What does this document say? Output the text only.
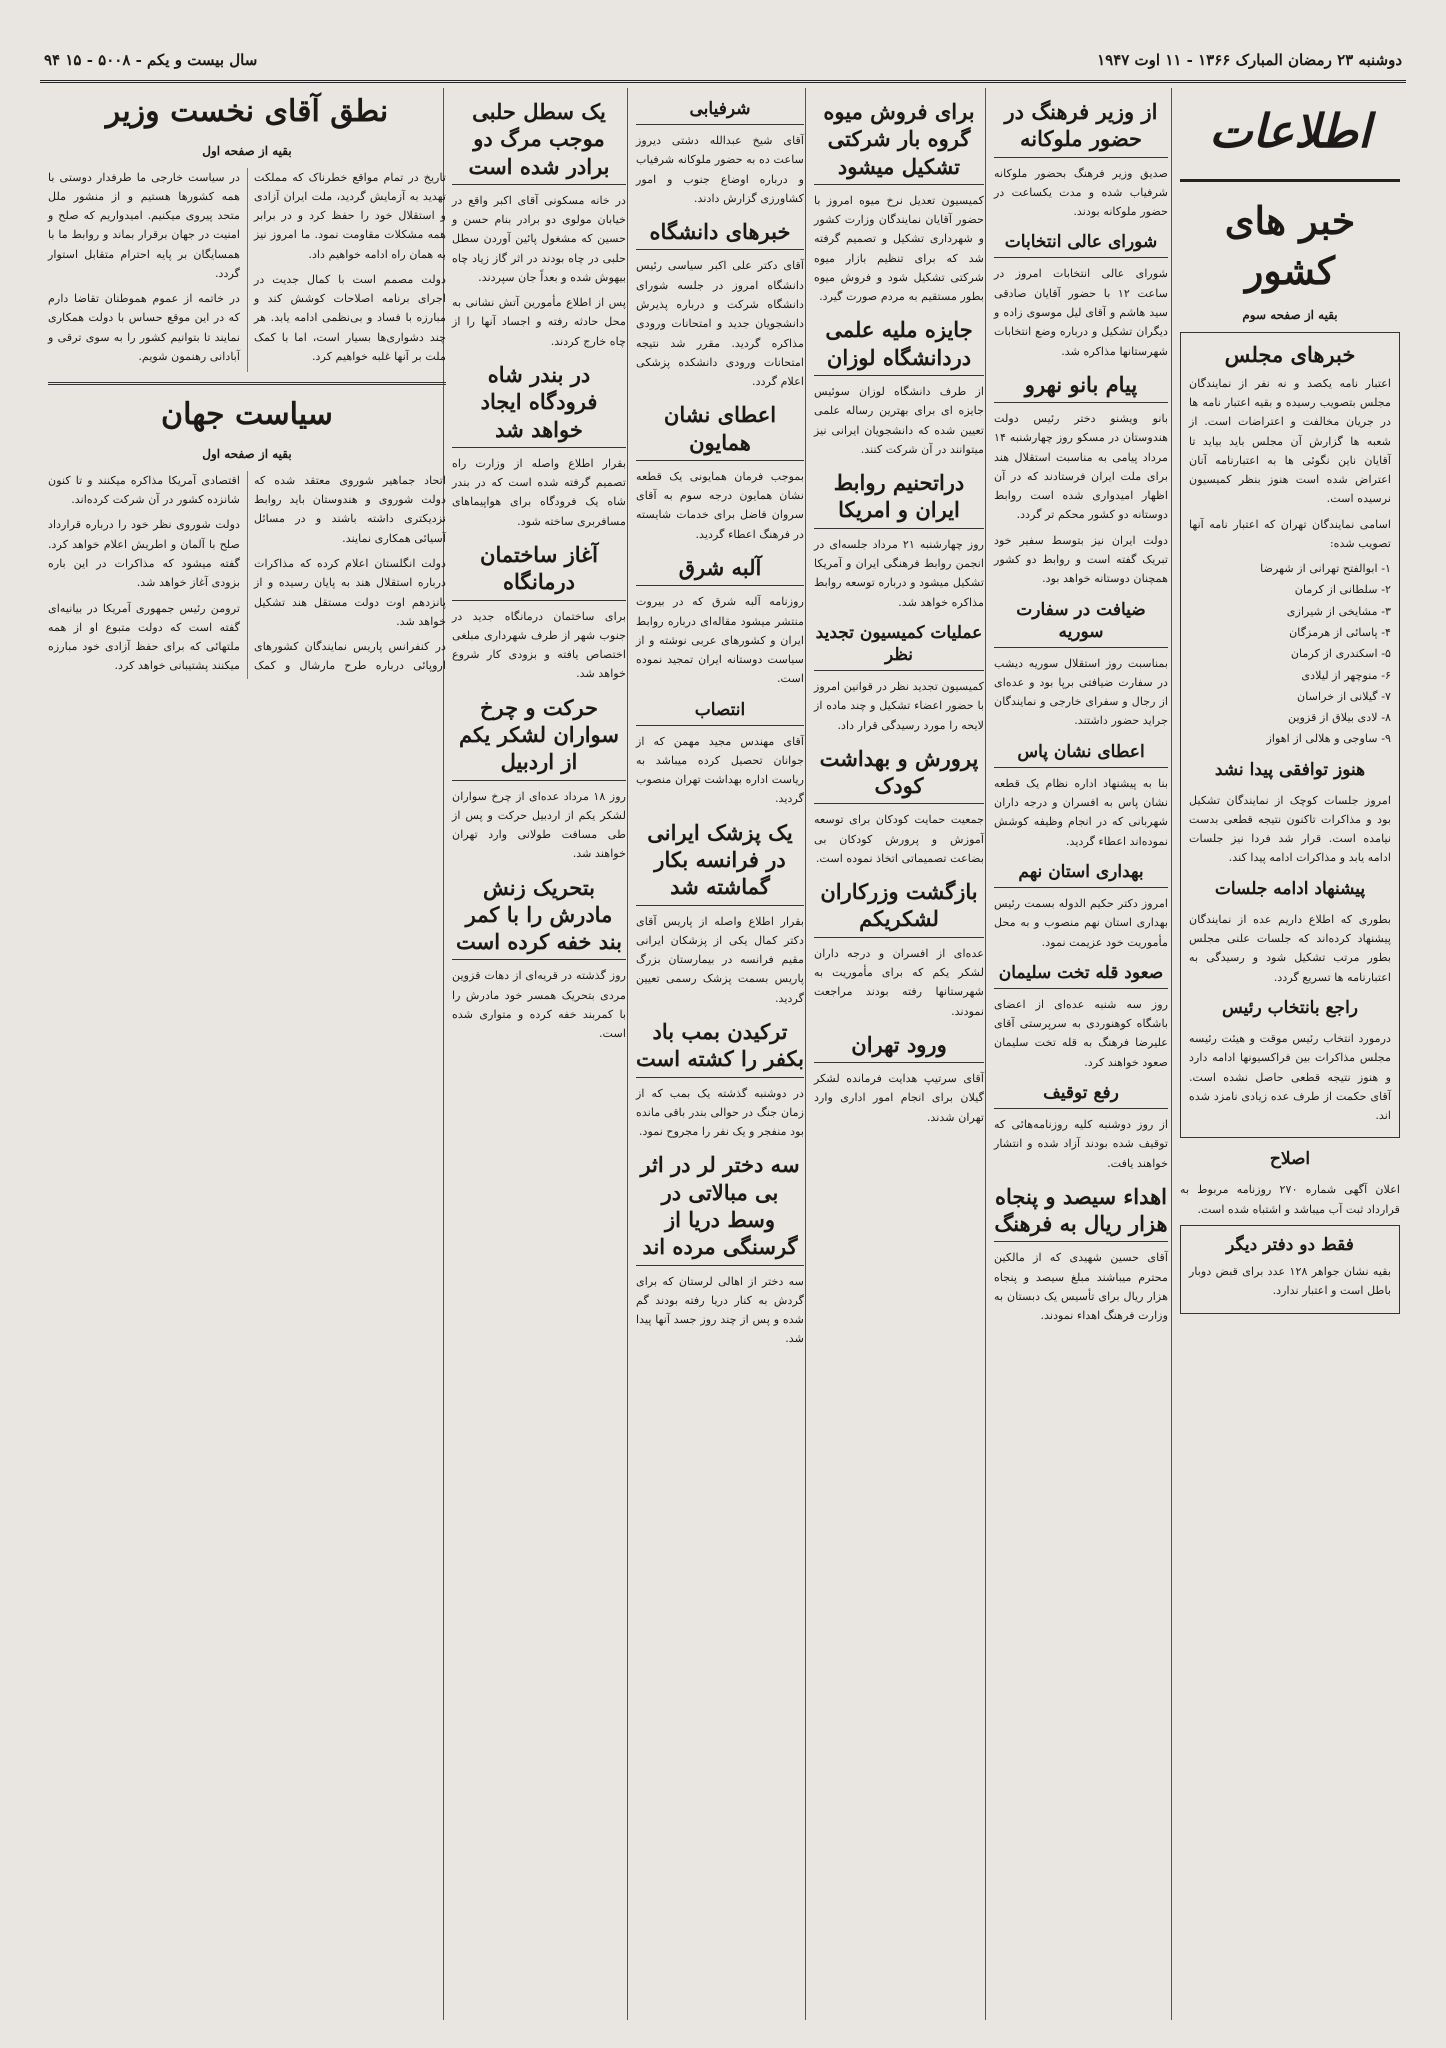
دوشنبه ۲۳ رمضان المبارک ۱۳۶۶ - ۱۱ اوت ۱۹۴۷
سال بیست و یکم - ۵۰۰۸ - ۱۵ ۹۴
اطلاعات
خبر های کشور
بقیه از صفحه سوم
خبرهای مجلس

اعتبار نامه یکصد و نه نفر از نمایندگان مجلس بتصویب رسیده و بقیه اعتبار نامه ها در جریان مخالفت و اعتراضات است. از شعبه ها گزارش آن مجلس باید بیاید تا آقایان ناین نگوئی ها به اعتبارنامه آنان اعتراض شده است هنوز بنظر کمیسیون نرسیده است.

اسامی نمایندگان تهران که اعتبار نامه آنها تصویب شده:

۱- ابوالفتح تهرانی از شهرضا

۲- سلطانی از کرمان

۳- مشایخی از شیرازی

۴- پاسائی از هرمزگان

۵- اسکندری از کرمان

۶- منوچهر از لیلادی

۷- گیلانی از خراسان

۸- لادی بیلاق از قزوین

۹- ساوجی و هلالی از اهواز

هنوز توافقی پیدا نشد

امروز جلسات کوچک از نمایندگان تشکیل بود و مذاکرات تاکنون نتیجه قطعی بدست نیامده است. قرار شد فردا نیز جلسات ادامه یابد و مذاکرات ادامه پیدا کند.

پیشنهاد ادامه جلسات

بطوری که اطلاع داریم عده از نمایندگان پیشنهاد کرده‌اند که جلسات علنی مجلس بطور مرتب تشکیل شود و رسیدگی به اعتبارنامه ها تسریع گردد.

راجع بانتخاب رئیس

درمورد انتخاب رئیس موقت و هیئت رئیسه مجلس مذاکرات بین فراکسیونها ادامه دارد و هنوز نتیجه قطعی حاصل نشده است. آقای حکمت از طرف عده زیادی نامزد شده اند.

اصلاح

اعلان آگهی شماره ۲۷۰ روزنامه مربوط به قرارداد ثبت آب میباشد و اشتباه شده است.

فقط دو دفتر دیگر

بقیه نشان جواهر ۱۲۸ عدد برای قبض دوبار باطل است و اعتبار ندارد.

از وزیر فرهنگ در حضور ملوکانه

صدیق وزیر فرهنگ بحضور ملوکانه شرفیاب شده و مدت یکساعت در حضور ملوکانه بودند.

شورای عالی انتخابات

شورای عالی انتخابات امروز در ساعت ۱۲ با حضور آقایان صادقی سید هاشم و آقای لیل موسوی زاده و دیگران تشکیل و درباره وضع انتخابات شهرستانها مذاکره شد.

پیام بانو نهرو

بانو ویشنو دختر رئیس دولت هندوستان در مسکو روز چهارشنبه ۱۴ مرداد پیامی به مناسبت استقلال هند برای ملت ایران فرستادند که در آن اظهار امیدواری شده است روابط دوستانه دو کشور محکم تر گردد.

دولت ایران نیز بتوسط سفیر خود تبریک گفته است و روابط دو کشور همچنان دوستانه خواهد بود.

ضیافت در سفارت سوریه

بمناسبت روز استقلال سوریه دیشب در سفارت ضیافتی برپا بود و عده‌ای از رجال و سفرای خارجی و نمایندگان جراید حضور داشتند.

اعطای نشان پاس

بنا به پیشنهاد اداره نظام یک قطعه نشان پاس به افسران و درجه داران شهربانی که در انجام وظیفه کوشش نموده‌اند اعطاء گردید.

بهداری استان نهم

امروز دکتر حکیم الدوله بسمت رئیس بهداری استان نهم منصوب و به محل مأموریت خود عزیمت نمود.

صعود قله تخت سلیمان

روز سه شنبه عده‌ای از اعضای باشگاه کوهنوردی به سرپرستی آقای علیرضا فرهنگ به قله تخت سلیمان صعود خواهند کرد.

رفع توقیف

از روز دوشنبه کلیه روزنامه‌هائی که توقیف شده بودند آزاد شده و انتشار خواهند یافت.

اهداء سیصد و پنجاه هزار ریال به فرهنگ

آقای حسین شهیدی که از مالکین محترم میباشند مبلغ سیصد و پنجاه هزار ریال برای تأسیس یک دبستان به وزارت فرهنگ اهداء نمودند.

برای فروش میوه گروه بار شرکتی تشکیل میشود

کمیسیون تعدیل نرخ میوه امروز با حضور آقایان نمایندگان وزارت کشور و شهرداری تشکیل و تصمیم گرفته شد که برای تنظیم بازار میوه شرکتی تشکیل شود و فروش میوه بطور مستقیم به مردم صورت گیرد.

جایزه ملیه علمی دردانشگاه لوزان

از طرف دانشگاه لوزان سوئیس جایزه ای برای بهترین رساله علمی تعیین شده که دانشجویان ایرانی نیز میتوانند در آن شرکت کنند.

دراتحنیم روابط ایران و امریکا

روز چهارشنبه ۲۱ مرداد جلسه‌ای در انجمن روابط فرهنگی ایران و آمریکا تشکیل میشود و درباره توسعه روابط مذاکره خواهد شد.

عملیات کمیسیون تجدید نظر

کمیسیون تجدید نظر در قوانین امروز با حضور اعضاء تشکیل و چند ماده از لایحه را مورد رسیدگی قرار داد.

پرورش و بهداشت کودک

جمعیت حمایت کودکان برای توسعه آموزش و پرورش کودکان بی بضاعت تصمیماتی اتخاذ نموده است.

بازگشت وزرکاران لشکریکم

عده‌ای از افسران و درجه داران لشکر یکم که برای مأموریت به شهرستانها رفته بودند مراجعت نمودند.

ورود تهران

آقای سرتیپ هدایت فرمانده لشکر گیلان برای انجام امور اداری وارد تهران شدند.

شرفیابی

آقای شیخ عبدالله دشتی دیروز ساعت ده به حضور ملوکانه شرفیاب و درباره اوضاع جنوب و امور کشاورزی گزارش دادند.

خبرهای دانشگاه

آقای دکتر علی اکبر سیاسی رئیس دانشگاه امروز در جلسه شورای دانشگاه شرکت و درباره پذیرش دانشجویان جدید و امتحانات ورودی مذاکره گردید. مقرر شد نتیجه امتحانات ورودی دانشکده پزشکی اعلام گردد.

اعطای نشان همایون

بموجب فرمان همایونی یک قطعه نشان همایون درجه سوم به آقای سروان فاضل برای خدمات شایسته در فرهنگ اعطاء گردید.

آلبه شرق

روزنامه آلبه شرق که در بیروت منتشر میشود مقاله‌ای درباره روابط ایران و کشورهای عربی نوشته و از سیاست دوستانه ایران تمجید نموده است.

انتصاب

آقای مهندس مجید مهمن که از جوانان تحصیل کرده میباشد به ریاست اداره بهداشت تهران منصوب گردید.

یک پزشک ایرانی در فرانسه بکار گماشته شد

بقرار اطلاع واصله از پاریس آقای دکتر کمال یکی از پزشکان ایرانی مقیم فرانسه در بیمارستان بزرگ پاریس بسمت پزشک رسمی تعیین گردید.

ترکیدن بمب باد بکفر را کشته است

در دوشنبه گذشته یک بمب که از زمان جنگ در حوالی بندر باقی مانده بود منفجر و یک نفر را مجروح نمود.

سه دختر لر در اثر بی مبالاتی در وسط دریا از گرسنگی مرده اند

سه دختر از اهالی لرستان که برای گردش به کنار دریا رفته بودند گم شده و پس از چند روز جسد آنها پیدا شد.

یک سطل حلبی موجب مرگ دو برادر شده است

در خانه مسکونی آقای اکبر واقع در خیابان مولوی دو برادر بنام حسن و حسین که مشغول پائین آوردن سطل حلبی در چاه بودند در اثر گاز زیاد چاه بیهوش شده و بعداً جان سپردند.

پس از اطلاع مأمورین آتش نشانی به محل حادثه رفته و اجساد آنها را از چاه خارج کردند.

در بندر شاه فرودگاه ایجاد خواهد شد

بقرار اطلاع واصله از وزارت راه تصمیم گرفته شده است که در بندر شاه یک فرودگاه برای هواپیماهای مسافربری ساخته شود.

آغاز ساختمان درمانگاه

برای ساختمان درمانگاه جدید در جنوب شهر از طرف شهرداری مبلغی اختصاص یافته و بزودی کار شروع خواهد شد.

حرکت و چرخ سواران لشکر یکم از اردبیل

روز ۱۸ مرداد عده‌ای از چرخ سواران لشکر یکم از اردبیل حرکت و پس از طی مسافت طولانی وارد تهران خواهند شد.

بتحریک زنش مادرش را با کمر بند خفه کرده است

روز گذشته در قریه‌ای از دهات قزوین مردی بتحریک همسر خود مادرش را با کمربند خفه کرده و متواری شده است.

نطق آقای نخست وزیر
بقیه از صفحه اول

تاریخ در تمام مواقع خطرناک که مملکت تهدید به آزمایش گردید، ملت ایران آزادی و استقلال خود را حفظ کرد و در برابر همه مشکلات مقاومت نمود. ما امروز نیز به همان راه ادامه خواهیم داد.

دولت مصمم است با کمال جدیت در اجرای برنامه اصلاحات کوشش کند و مبارزه با فساد و بی‌نظمی ادامه یابد. هر چند دشواری‌ها بسیار است، اما با کمک ملت بر آنها غلبه خواهیم کرد.

در سیاست خارجی ما طرفدار دوستی با همه کشورها هستیم و از منشور ملل متحد پیروی میکنیم. امیدواریم که صلح و امنیت در جهان برقرار بماند و روابط ما با همسایگان بر پایه احترام متقابل استوار گردد.

در خاتمه از عموم هموطنان تقاضا دارم که در این موقع حساس با دولت همکاری نمایند تا بتوانیم کشور را به سوی ترقی و آبادانی رهنمون شویم.

سیاست جهان
بقیه از صفحه اول

اتحاد جماهیر شوروی معتقد شده که دولت شوروی و هندوستان باید روابط نزدیکتری داشته باشند و در مسائل آسیائی همکاری نمایند.

دولت انگلستان اعلام کرده که مذاکرات درباره استقلال هند به پایان رسیده و از پانزدهم اوت دولت مستقل هند تشکیل خواهد شد.

در کنفرانس پاریس نمایندگان کشورهای اروپائی درباره طرح مارشال و کمک اقتصادی آمریکا مذاکره میکنند و تا کنون شانزده کشور در آن شرکت کرده‌اند.

دولت شوروی نظر خود را درباره قرارداد صلح با آلمان و اطریش اعلام خواهد کرد. گفته میشود که مذاکرات در این باره بزودی آغاز خواهد شد.

ترومن رئیس جمهوری آمریکا در بیانیه‌ای گفته است که دولت متبوع او از همه ملتهائی که برای حفظ آزادی خود مبارزه میکنند پشتیبانی خواهد کرد.
